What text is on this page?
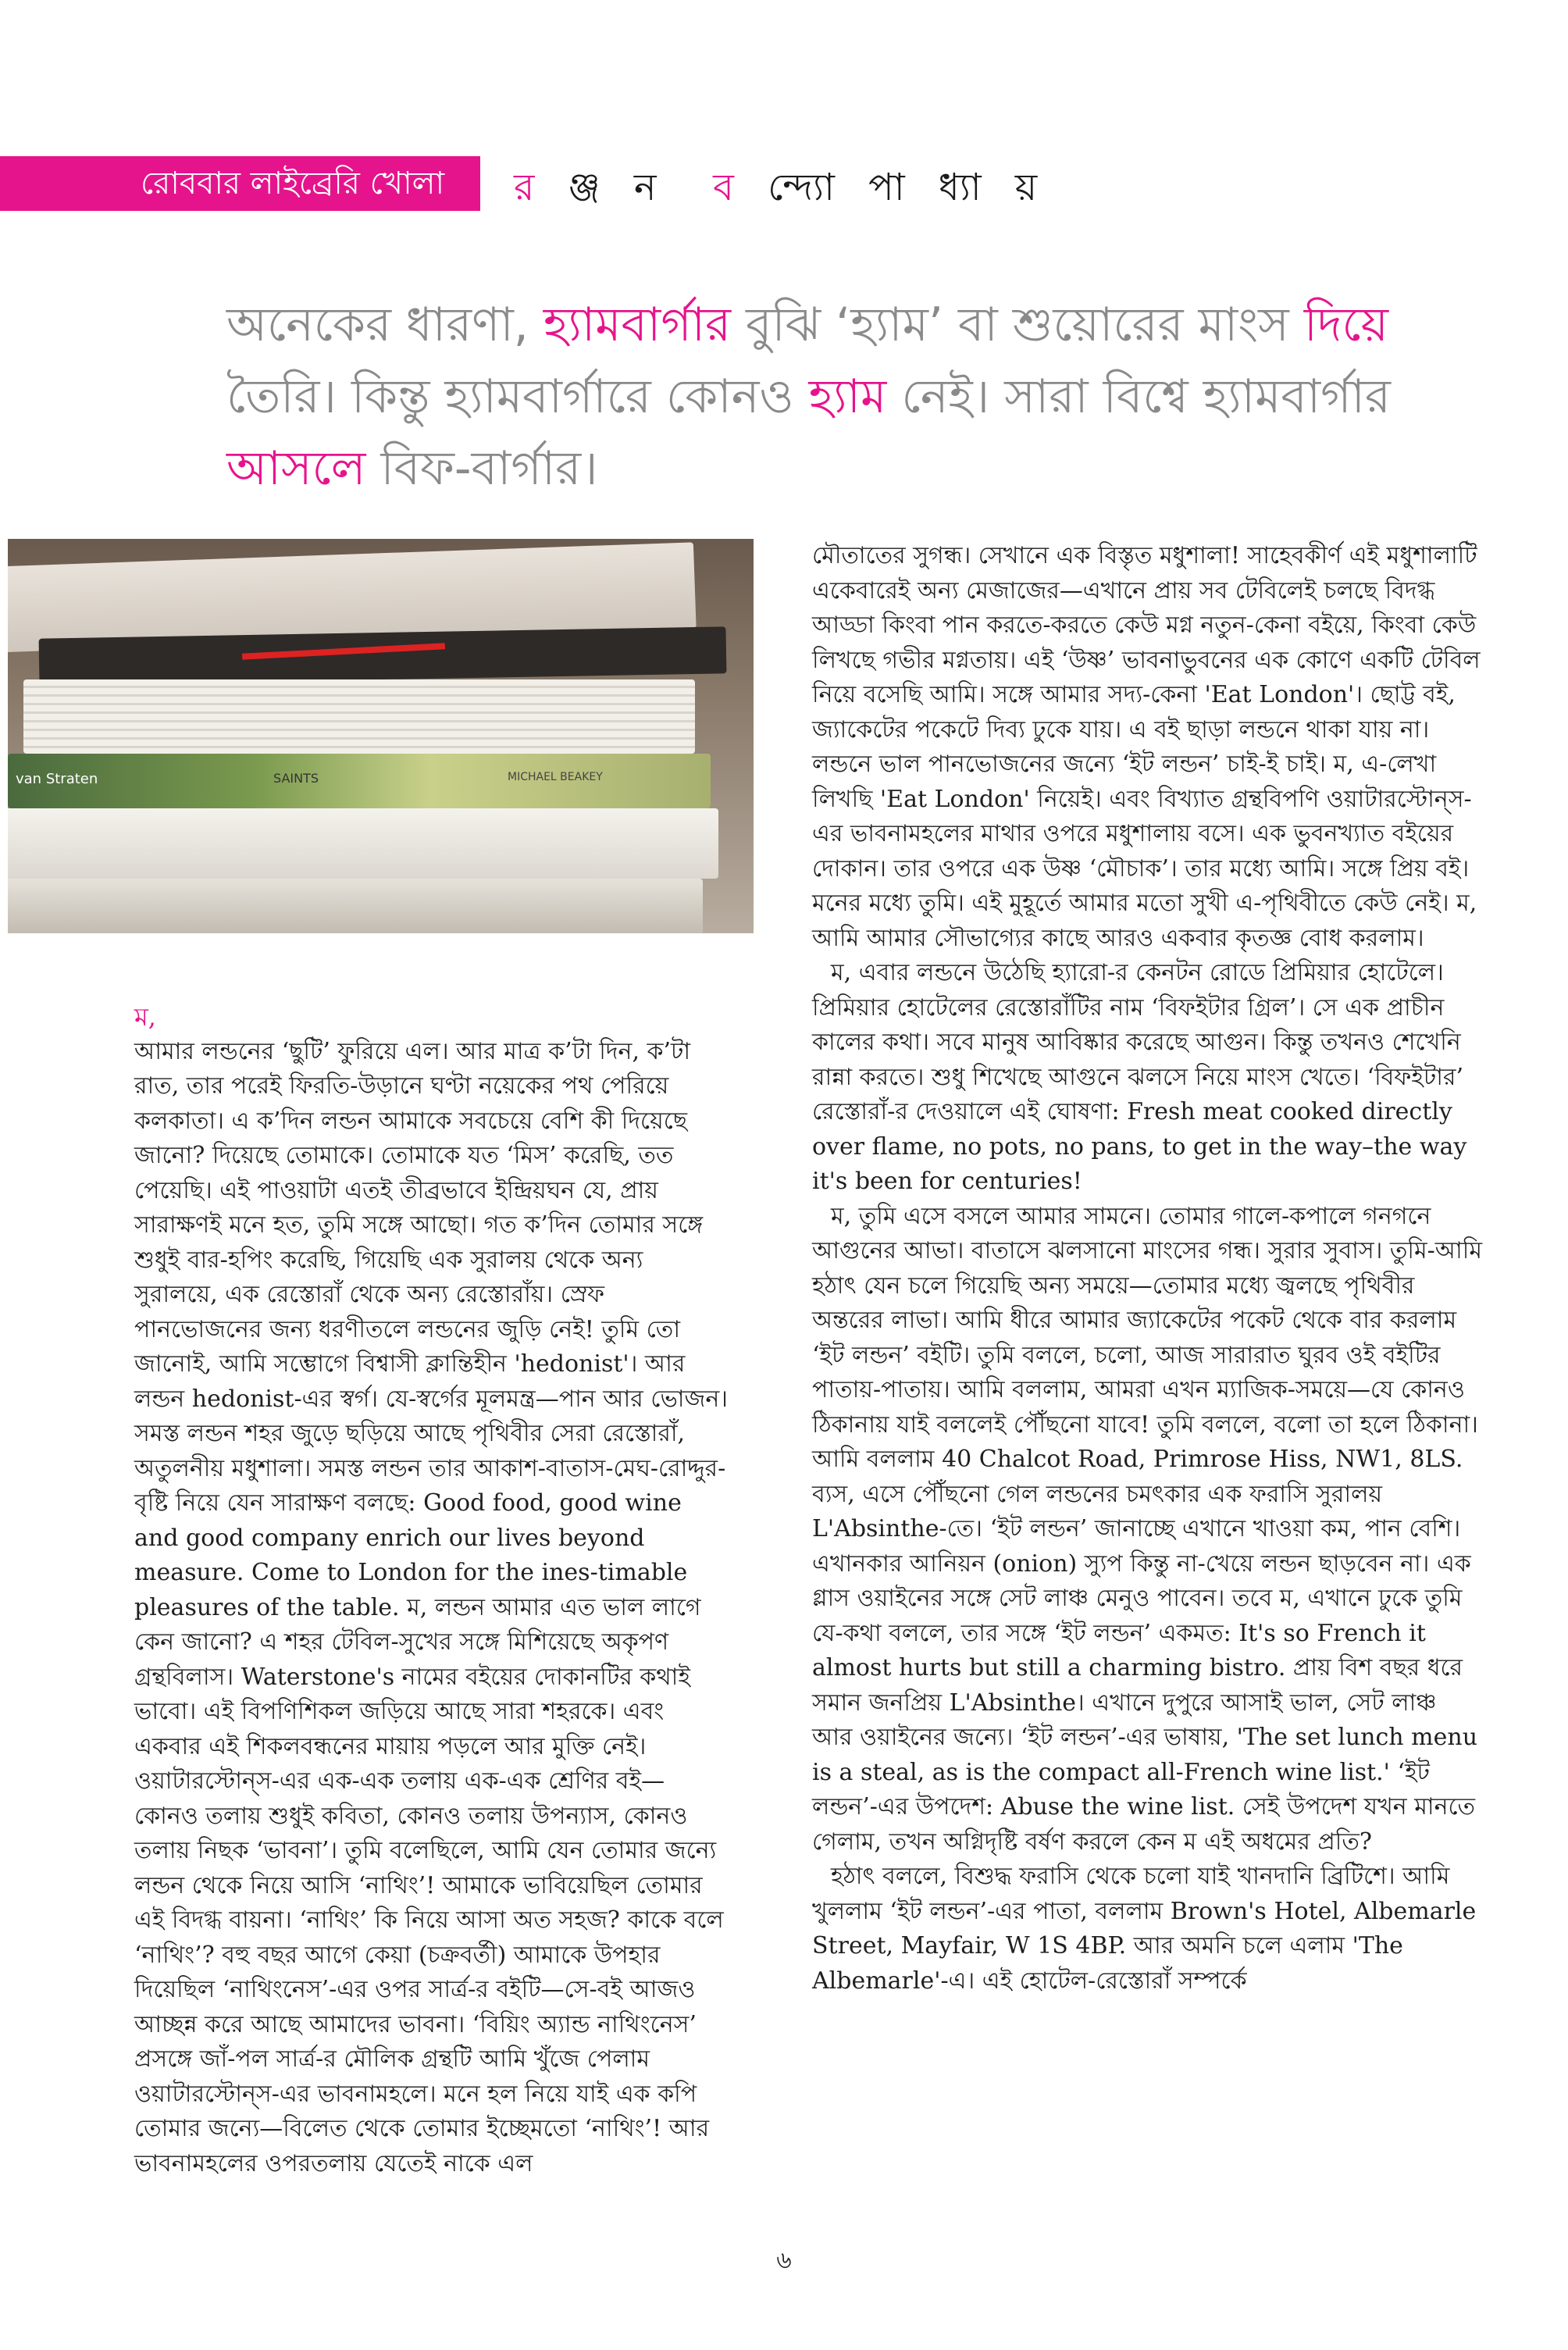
রোববার লাইব্রেরি খোলা	র ঞ্জ ন ব ন্দ্যো পা ধ্যা য়
অনেকের ধারণা, হ্যামবার্গার বুঝি ‘হ্যাম’ বা শুয়োরের মাংস দিয়ে তৈরি। কিন্তু হ্যামবার্গারে কোনও হ্যাম নেই। সারা বিশ্বে হ্যামবার্গার আসলে বিফ-বার্গার।
van Straten	SAINTS	MICHAEL BEAKEY

ম,

আমার লন্ডনের ‘ছুটি’ ফুরিয়ে এল। আর মাত্র ক’টা দিন, ক’টা রাত, তার পরেই ফিরতি-উড়ানে ঘণ্টা নয়েকের পথ পেরিয়ে কলকাতা। এ ক’দিন লন্ডন আমাকে সবচেয়ে বেশি কী দিয়েছে জানো? দিয়েছে তোমাকে। তোমাকে যত ‘মিস’ করেছি, তত পেয়েছি। এই পাওয়াটা এতই তীব্রভাবে ইন্দ্রিয়ঘন যে, প্রায় সারাক্ষণই মনে হত, তুমি সঙ্গে আছো। গত ক’দিন তোমার সঙ্গে শুধুই বার-হপিং করেছি, গিয়েছি এক সুরালয় থেকে অন্য সুরালয়ে, এক রেস্তোরাঁ থেকে অন্য রেস্তোরাঁয়। স্রেফ পানভোজনের জন্য ধরণীতলে লন্ডনের জুড়ি নেই! তুমি তো জানোই, আমি সম্ভোগে বিশ্বাসী ক্লান্তিহীন 'hedonist'। আর লন্ডন hedonist-এর স্বর্গ। যে-স্বর্গের মূলমন্ত্র—পান আর ভোজন। সমস্ত লন্ডন শহর জুড়ে ছড়িয়ে আছে পৃথিবীর সেরা রেস্তোরাঁ, অতুলনীয় মধুশালা। সমস্ত লন্ডন তার আকাশ-বাতাস-মেঘ-রোদ্দুর-বৃষ্টি নিয়ে যেন সারাক্ষণ বলছে: Good food, good wine and good company enrich our lives beyond measure. Come to London for the ines-timable pleasures of the table. ম, লন্ডন আমার এত ভাল লাগে কেন জানো? এ শহর টেবিল-সুখের সঙ্গে মিশিয়েছে অকৃপণ গ্রন্থবিলাস। Waterstone's নামের বইয়ের দোকানটির কথাই ভাবো। এই বিপণিশিকল জড়িয়ে আছে সারা শহরকে। এবং একবার এই শিকলবন্ধনের মায়ায় পড়লে আর মুক্তি নেই। ওয়াটারস্টোন্‌স-এর এক-এক তলায় এক-এক শ্রেণির বই—কোনও তলায় শুধুই কবিতা, কোনও তলায় উপন্যাস, কোনও তলায় নিছক ‘ভাবনা’। তুমি বলেছিলে, আমি যেন তোমার জন্যে লন্ডন থেকে নিয়ে আসি ‘নাথিং’! আমাকে ভাবিয়েছিল তোমার এই বিদগ্ধ বায়না। ‘নাথিং’ কি নিয়ে আসা অত সহজ? কাকে বলে ‘নাথিং’? বহু বছর আগে কেয়া (চক্রবর্তী) আমাকে উপহার দিয়েছিল ‘নাথিংনেস’-এর ওপর সার্ত্র-র বইটি—সে-বই আজও আচ্ছন্ন করে আছে আমাদের ভাবনা। ‘বিয়িং অ্যান্ড নাথিংনেস’ প্রসঙ্গে জাঁ-পল সার্ত্র-র মৌলিক গ্রন্থটি আমি খুঁজে পেলাম ওয়াটারস্টোন্‌স-এর ভাবনামহলে। মনে হল নিয়ে যাই এক কপি তোমার জন্যে—বিলেত থেকে তোমার ইচ্ছেমতো ‘নাথিং’! আর ভাবনামহলের ওপরতলায় যেতেই নাকে এল

মৌতাতের সুগন্ধ। সেখানে এক বিস্তৃত মধুশালা! সাহেবকীর্ণ এই মধুশালাটি একেবারেই অন্য মেজাজের—এখানে প্রায় সব টেবিলেই চলছে বিদগ্ধ আড্ডা কিংবা পান করতে-করতে কেউ মগ্ন নতুন-কেনা বইয়ে, কিংবা কেউ লিখছে গভীর মগ্নতায়। এই ‘উষ্ণ’ ভাবনাভুবনের এক কোণে একটি টেবিল নিয়ে বসেছি আমি। সঙ্গে আমার সদ্য-কেনা 'Eat London'। ছোট্ট বই, জ্যাকেটের পকেটে দিব্য ঢুকে যায়। এ বই ছাড়া লন্ডনে থাকা যায় না। লন্ডনে ভাল পানভোজনের জন্যে ‘ইট লন্ডন’ চাই-ই চাই। ম, এ-লেখা লিখছি 'Eat London' নিয়েই। এবং বিখ্যাত গ্রন্থবিপণি ওয়াটারস্টোন্‌স-এর ভাবনামহলের মাথার ওপরে মধুশালায় বসে। এক ভুবনখ্যাত বইয়ের দোকান। তার ওপরে এক উষ্ণ ‘মৌচাক’। তার মধ্যে আমি। সঙ্গে প্রিয় বই। মনের মধ্যে তুমি। এই মুহূর্তে আমার মতো সুখী এ-পৃথিবীতে কেউ নেই। ম, আমি আমার সৌভাগ্যের কাছে আরও একবার কৃতজ্ঞ বোধ করলাম।

ম, এবার লন্ডনে উঠেছি হ্যারো-র কেনটন রোডে প্রিমিয়ার হোটেলে। প্রিমিয়ার হোটেলের রেস্তোরাঁটির নাম ‘বিফইটার গ্রিল’। সে এক প্রাচীন কালের কথা। সবে মানুষ আবিষ্কার করেছে আগুন। কিন্তু তখনও শেখেনি রান্না করতে। শুধু শিখেছে আগুনে ঝলসে নিয়ে মাংস খেতে। ‘বিফইটার’ রেস্তোরাঁ-র দেওয়ালে এই ঘোষণা: Fresh meat cooked directly over flame, no pots, no pans, to get in the way–the way it's been for centuries!

ম, তুমি এসে বসলে আমার সামনে। তোমার গালে-কপালে গনগনে আগুনের আভা। বাতাসে ঝলসানো মাংসের গন্ধ। সুরার সুবাস। তুমি-আমি হঠাৎ যেন চলে গিয়েছি অন্য সময়ে—তোমার মধ্যে জ্বলছে পৃথিবীর অন্তরের লাভা। আমি ধীরে আমার জ্যাকেটের পকেট থেকে বার করলাম ‘ইট লন্ডন’ বইটি। তুমি বললে, চলো, আজ সারারাত ঘুরব ওই বইটির পাতায়-পাতায়। আমি বললাম, আমরা এখন ম্যাজিক-সময়ে—যে কোনও ঠিকানায় যাই বললেই পৌঁছনো যাবে! তুমি বললে, বলো তা হলে ঠিকানা। আমি বললাম 40 Chalcot Road, Primrose Hiss, NW1, 8LS. ব্যস, এসে পৌঁছনো গেল লন্ডনের চমৎকার এক ফরাসি সুরালয় L'Absinthe-তে। ‘ইট লন্ডন’ জানাচ্ছে এখানে খাওয়া কম, পান বেশি। এখানকার আনিয়ন (onion) স্যুপ কিন্তু না-খেয়ে লন্ডন ছাড়বেন না। এক গ্লাস ওয়াইনের সঙ্গে সেট লাঞ্চ মেনুও পাবেন। তবে ম, এখানে ঢুকে তুমি যে-কথা বললে, তার সঙ্গে ‘ইট লন্ডন’ একমত: It's so French it almost hurts but still a charming bistro. প্রায় বিশ বছর ধরে সমান জনপ্রিয় L'Absinthe। এখানে দুপুরে আসাই ভাল, সেট লাঞ্চ আর ওয়াইনের জন্যে। ‘ইট লন্ডন’-এর ভাষায়, 'The set lunch menu is a steal, as is the compact all-French wine list.' ‘ইট লন্ডন’-এর উপদেশ: Abuse the wine list. সেই উপদেশ যখন মানতে গেলাম, তখন অগ্নিদৃষ্টি বর্ষণ করলে কেন ম এই অধমের প্রতি?

হঠাৎ বললে, বিশুদ্ধ ফরাসি থেকে চলো যাই খানদানি ব্রিটিশে। আমি খুললাম ‘ইট লন্ডন’-এর পাতা, বললাম Brown's Hotel, Albemarle Street, Mayfair, W 1S 4BP. আর অমনি চলে এলাম 'The Albemarle'-এ। এই হোটেল-রেস্তোরাঁ সম্পর্কে

৬
